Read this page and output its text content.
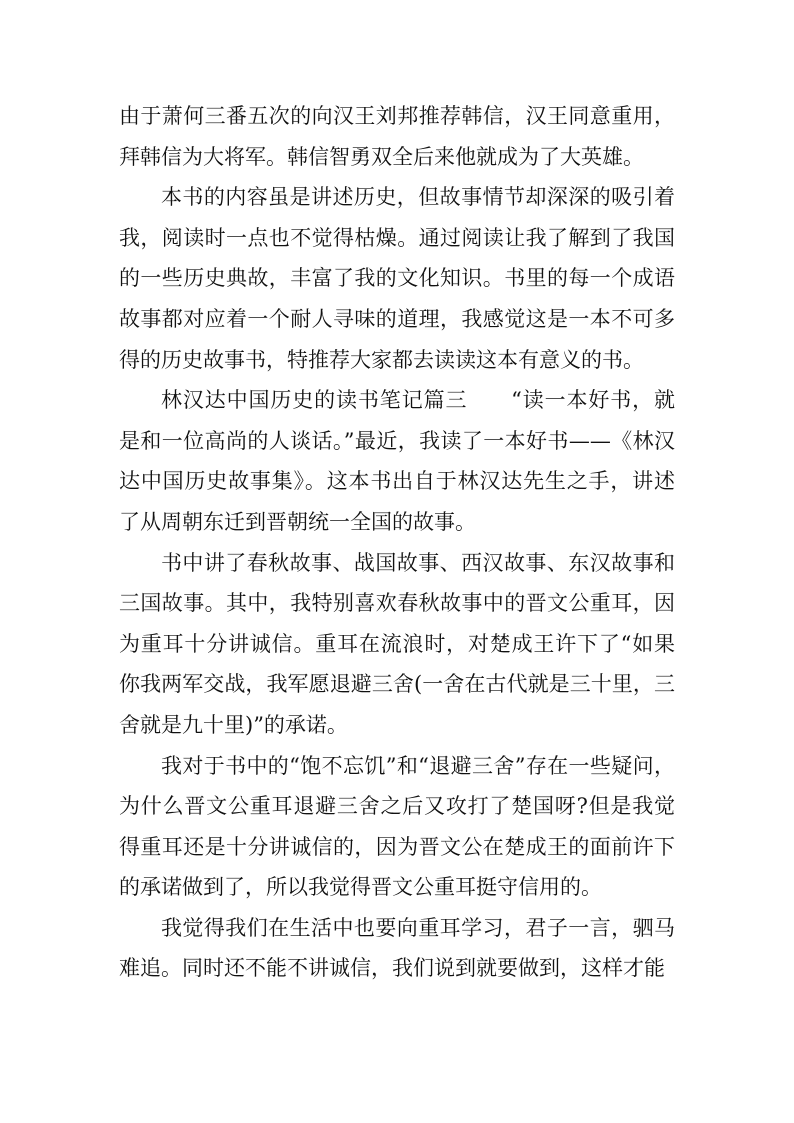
由于萧何三番五次的向汉王刘邦推荐韩信，汉王同意重用，拜韩信为大将军。韩信智勇双全后来他就成为了大英雄。

本书的内容虽是讲述历史，但故事情节却深深的吸引着我，阅读时一点也不觉得枯燥。通过阅读让我了解到了我国的一些历史典故，丰富了我的文化知识。书里的每一个成语故事都对应着一个耐人寻味的道理，我感觉这是一本不可多得的历史故事书，特推荐大家都去读读这本有意义的书。

林汉达中国历史的读书笔记篇三　　“读一本好书，就是和一位高尚的人谈话。”最近，我读了一本好书——《林汉达中国历史故事集》。这本书出自于林汉达先生之手，讲述了从周朝东迁到晋朝统一全国的故事。

书中讲了春秋故事、战国故事、西汉故事、东汉故事和三国故事。其中，我特别喜欢春秋故事中的晋文公重耳，因为重耳十分讲诚信。重耳在流浪时，对楚成王许下了“如果你我两军交战，我军愿退避三舍(一舍在古代就是三十里，三舍就是九十里)”的承诺。

我对于书中的“饱不忘饥”和“退避三舍”存在一些疑问，为什么晋文公重耳退避三舍之后又攻打了楚国呀?但是我觉得重耳还是十分讲诚信的，因为晋文公在楚成王的面前许下的承诺做到了，所以我觉得晋文公重耳挺守信用的。

我觉得我们在生活中也要向重耳学习，君子一言，驷马难追。同时还不能不讲诚信，我们说到就要做到，这样才能
